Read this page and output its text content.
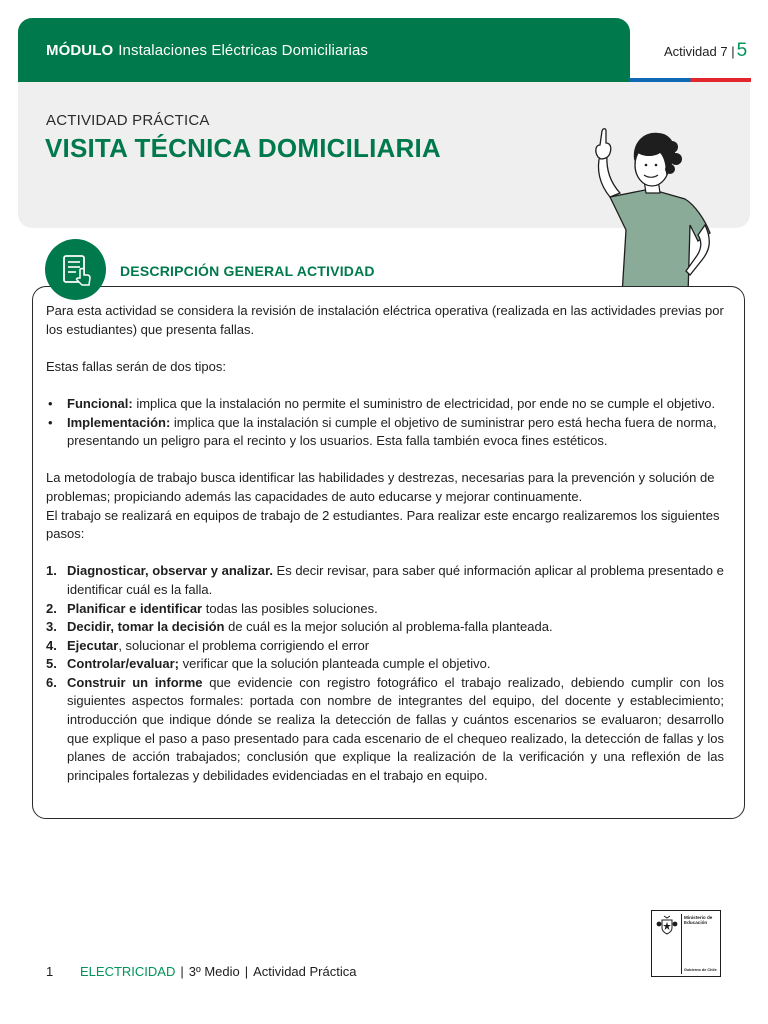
MÓDULO Instalaciones Eléctricas Domiciliarias	Actividad 7 | 5
ACTIVIDAD PRÁCTICA
VISITA TÉCNICA DOMICILIARIA
DESCRIPCIÓN GENERAL ACTIVIDAD

Para esta actividad se considera la revisión de instalación eléctrica operativa (realizada en las actividades previas por los estudiantes) que presenta fallas.

Estas fallas serán de dos tipos:

• Funcional: implica que la instalación no permite el suministro de electricidad, por ende no se cumple el objetivo.
• Implementación: implica que la instalación si cumple el objetivo de suministrar pero está hecha fuera de norma, presentando un peligro para el recinto y los usuarios. Esta falla también evoca fines estéticos.

La metodología de trabajo busca identificar las habilidades y destrezas, necesarias para la prevención y solución de problemas; propiciando además las capacidades de auto educarse y mejorar continuamente.

El trabajo se realizará en equipos de trabajo de 2 estudiantes. Para realizar este encargo realizaremos los siguientes pasos:

1. Diagnosticar, observar y analizar. Es decir revisar, para saber qué información aplicar al problema presentado e identificar cuál es la falla.
2. Planificar e identificar todas las posibles soluciones.
3. Decidir, tomar la decisión de cuál es la mejor solución al problema-falla planteada.
4. Ejecutar, solucionar el problema corrigiendo el error
5. Controlar/evaluar; verificar que la solución planteada cumple el objetivo.
6. Construir un informe que evidencie con registro fotográfico el trabajo realizado, debiendo cumplir con los siguientes aspectos formales: portada con nombre de integrantes del equipo, del docente y establecimiento; introducción que indique dónde se realiza la detección de fallas y cuántos escenarios se evaluaron; desarrollo que explique el paso a paso presentado para cada escenario de el chequeo realizado, la detección de fallas y los planes de acción trabajados; conclusión que explique la realización de la verificación y una reflexión de las principales fortalezas y debilidades evidenciadas en el trabajo en equipo.
1	ELECTRICIDAD | 3º Medio | Actividad Práctica
Ministerio de
Educación
Gobierno de Chile
